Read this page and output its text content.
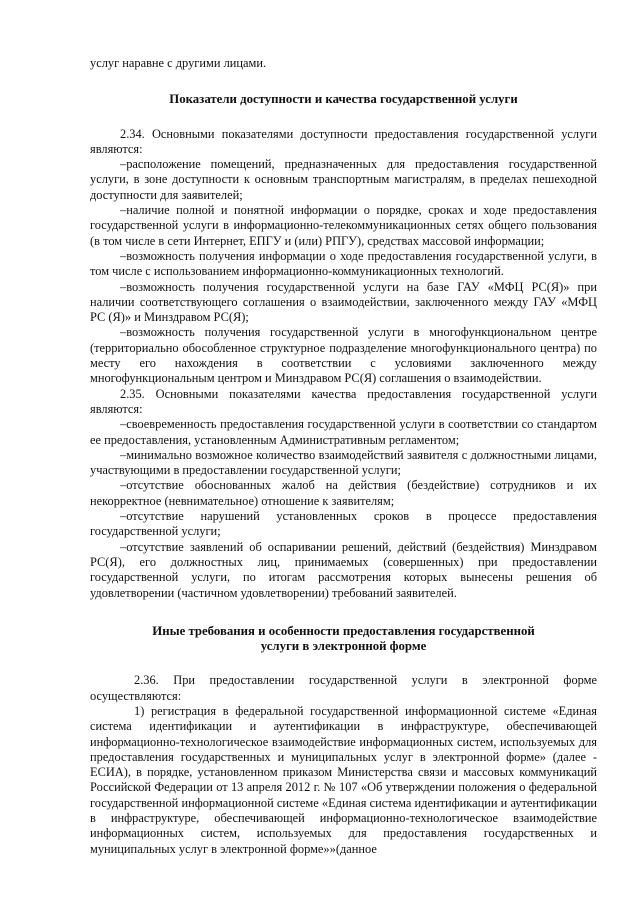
услуг наравне с другими лицами.

Показатели доступности и качества государственной услуги

2.34. Основными показателями доступности предоставления государственной услуги являются:

–расположение помещений, предназначенных для предоставления государственной услуги, в зоне доступности к основным транспортным магистралям, в пределах пешеходной доступности для заявителей;

–наличие полной и понятной информации о порядке, сроках и ходе предоставления государственной услуги в информационно-телекоммуникационных сетях общего пользования (в том числе в сети Интернет, ЕПГУ и (или) РПГУ), средствах массовой информации;

–возможность получения информации о ходе предоставления государственной услуги, в том числе с использованием информационно-коммуникационных технологий.

–возможность получения государственной услуги на базе ГАУ «МФЦ РС(Я)» при наличии соответствующего соглашения о взаимодействии, заключенного между ГАУ «МФЦ РС (Я)» и Минздравом РС(Я);

–возможность получения государственной услуги в многофункциональном центре (территориально обособленное структурное подразделение многофункционального центра) по месту его нахождения в соответствии с условиями заключенного между многофункциональным центром и Минздравом РС(Я) соглашения о взаимодействии.

2.35. Основными показателями качества предоставления государственной услуги являются:

–своевременность предоставления государственной услуги в соответствии со стандартом ее предоставления, установленным Административным регламентом;

–минимально возможное количество взаимодействий заявителя с должностными лицами, участвующими в предоставлении государственной услуги;

–отсутствие обоснованных жалоб на действия (бездействие) сотрудников и их некорректное (невнимательное) отношение к заявителям;

–отсутствие нарушений установленных сроков в процессе предоставления государственной услуги;

–отсутствие заявлений об оспаривании решений, действий (бездействия) Минздравом РС(Я), его должностных лиц, принимаемых (совершенных) при предоставлении государственной услуги, по итогам рассмотрения которых вынесены решения об удовлетворении (частичном удовлетворении) требований заявителей.

Иные требования и особенности предоставления государственной
услуги в электронной форме

2.36. При предоставлении государственной услуги в электронной форме осуществляются:

1) регистрация в федеральной государственной информационной системе «Единая система идентификации и аутентификации в инфраструктуре, обеспечивающей информационно-технологическое взаимодействие информационных систем, используемых для предоставления государственных и муниципальных услуг в электронной форме» (далее - ЕСИА), в порядке, установленном приказом Министерства связи и массовых коммуникаций Российской Федерации от 13 апреля 2012 г. № 107 «Об утверждении положения о федеральной государственной информационной системе «Единая система идентификации и аутентификации в инфраструктуре, обеспечивающей информационно-технологическое взаимодействие информационных систем, используемых для предоставления государственных и муниципальных услуг в электронной форме»»(данное
